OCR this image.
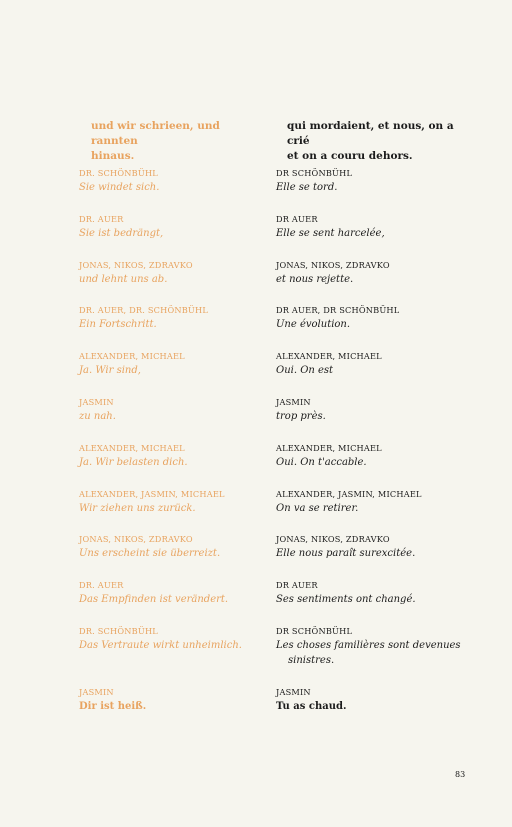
und wir schrieen, und rannten
hinaus.
DR. SCHÖNBÜHL
Sie windet sich.
DR. AUER
Sie ist bedrängt,
JONAS, NIKOS, ZDRAVKO
und lehnt uns ab.
DR. AUER, DR. SCHÖNBÜHL
Ein Fortschritt.
ALEXANDER, MICHAEL
Ja. Wir sind,
JASMIN
zu nah.
ALEXANDER, MICHAEL
Ja. Wir belasten dich.
ALEXANDER, JASMIN, MICHAEL
Wir ziehen uns zurück.
JONAS, NIKOS, ZDRAVKO
Uns erscheint sie überreizt.
DR. AUER
Das Empfinden ist verändert.
DR. SCHÖNBÜHL
Das Vertraute wirkt unheimlich.
JASMIN
Dir ist heiß.
qui mordaient, et nous, on a crié
et on a couru dehors.
DR SCHÖNBÜHL
Elle se tord.
DR AUER
Elle se sent harcelée,
JONAS, NIKOS, ZDRAVKO
et nous rejette.
DR AUER, DR SCHÖNBÜHL
Une évolution.
ALEXANDER, MICHAEL
Oui. On est
JASMIN
trop près.
ALEXANDER, MICHAEL
Oui. On t'accable.
ALEXANDER, JASMIN, MICHAEL
On va se retirer.
JONAS, NIKOS, ZDRAVKO
Elle nous paraît surexcitée.
DR AUER
Ses sentiments ont changé.
DR SCHÖNBÜHL
Les choses familières sont devenues
sinistres.
JASMIN
Tu as chaud.
83
